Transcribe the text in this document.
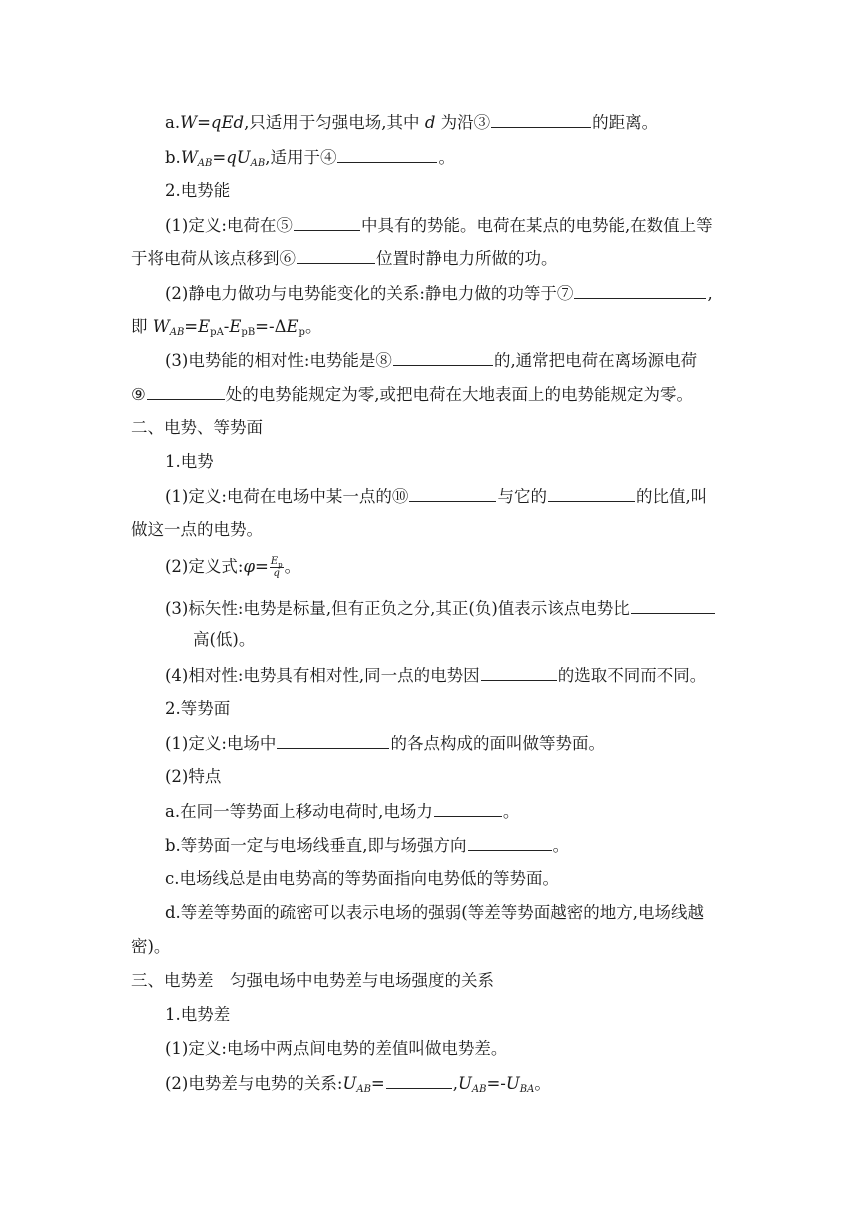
a.W=qEd,只适用于匀强电场,其中 d 为沿③	的距离。
$b.W_{AB}=qU_{AB}$,适用于④	。
2.电势能
(1)定义:电荷在⑤	中具有的势能。电荷在某点的电势能,在数值上等
于将电荷从该点移到⑥	位置时静电力所做的功。
(2)静电力做功与电势能变化的关系:静电力做的功等于⑦	,
即 $W_{AB}=E_{pA}-E_{pB}=-\Delta E_p$。
(3)电势能的相对性:电势能是⑧	的,通常把电荷在离场源电荷
⑨	处的电势能规定为零,或把电荷在大地表面上的电势能规定为零。
二、电势、等势面
1.电势
(1)定义:电荷在电场中某一点的⑩	与它的	的比值,叫
做这一点的电势。
(2)定义式:φ= $\frac{E_p}{q}$ 。
(3)标矢性:电势是标量,但有正负之分,其正(负)值表示该点电势比
高(低)。
(4)相对性:电势具有相对性,同一点的电势因	的选取不同而不同。
2.等势面
(1)定义:电场中	的各点构成的面叫做等势面。
(2)特点
a.在同一等势面上移动电荷时,电场力	。
b.等势面一定与电场线垂直,即与场强方向	。
c.电场线总是由电势高的等势面指向电势低的等势面。
d.等差等势面的疏密可以表示电场的强弱(等差等势面越密的地方,电场线越
密)。
三、电势差　匀强电场中电势差与电场强度的关系
1.电势差
(1)定义:电场中两点间电势的差值叫做电势差。
(2)电势差与电势的关系$:U_{AB}=$	$,U_{AB}=-U_{BA}$。
